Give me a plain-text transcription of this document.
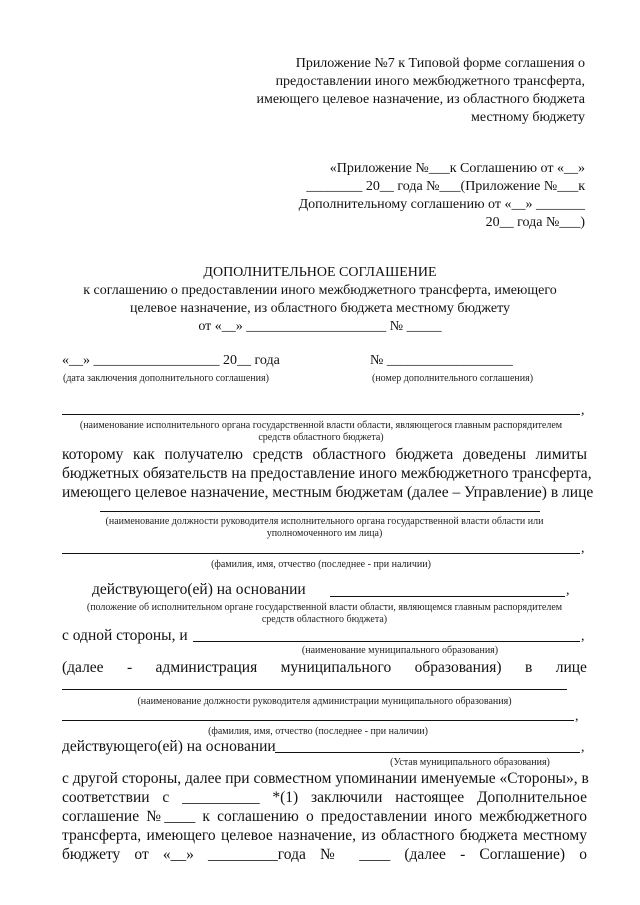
Приложение №7 к Типовой форме соглашения о
предоставлении иного межбюджетного трансферта,
имеющего целевое назначение, из областного бюджета
местному бюджету
«Приложение №___к Соглашению от «__»
________ 20__ года №___(Приложение №___к
Дополнительному соглашению от «__» _______
20__ года №___)
ДОПОЛНИТЕЛЬНОЕ СОГЛАШЕНИЕ
к соглашению о предоставлении иного межбюджетного трансферта, имеющего
целевое назначение, из областного бюджета местному бюджету
от «__» ____________________ № _____
«__» __________________ 20__ года	№ __________________
(дата заключения дополнительного соглашения)	(номер дополнительного соглашения)
,
(наименование исполнительного органа государственной власти области, являющегося главным распорядителем
средств областного бюджета)
которому как получателю средств областного бюджета доведены лимиты
бюджетных обязательств на предоставление иного межбюджетного трансферта,
имеющего целевое назначение, местным бюджетам (далее – Управление) в лице
(наименование должности руководителя исполнительного органа государственной власти области или
уполномоченного им лица)
,
(фамилия, имя, отчество (последнее - при наличии)
действующего(ей) на основании	,
(положение об исполнительном органе государственной власти области, являющемся главным распорядителем
средств областного бюджета)
с одной стороны, и	,
(наименование муниципального образования)
(далее - администрация муниципального образования) в лице
(наименование должности руководителя администрации муниципального образования)
,
(фамилия, имя, отчество (последнее - при наличии)
действующего(ей) на основании	,
(Устав муниципального образования)
с другой стороны, далее при совместном упоминании именуемые «Стороны», в
соответствии с __________ *(1) заключили настоящее Дополнительное
соглашение №____ к соглашению о предоставлении иного межбюджетного
трансферта, имеющего целевое назначение, из областного бюджета местному
бюджету от «__» _________года № ____ (далее - Соглашение) о
